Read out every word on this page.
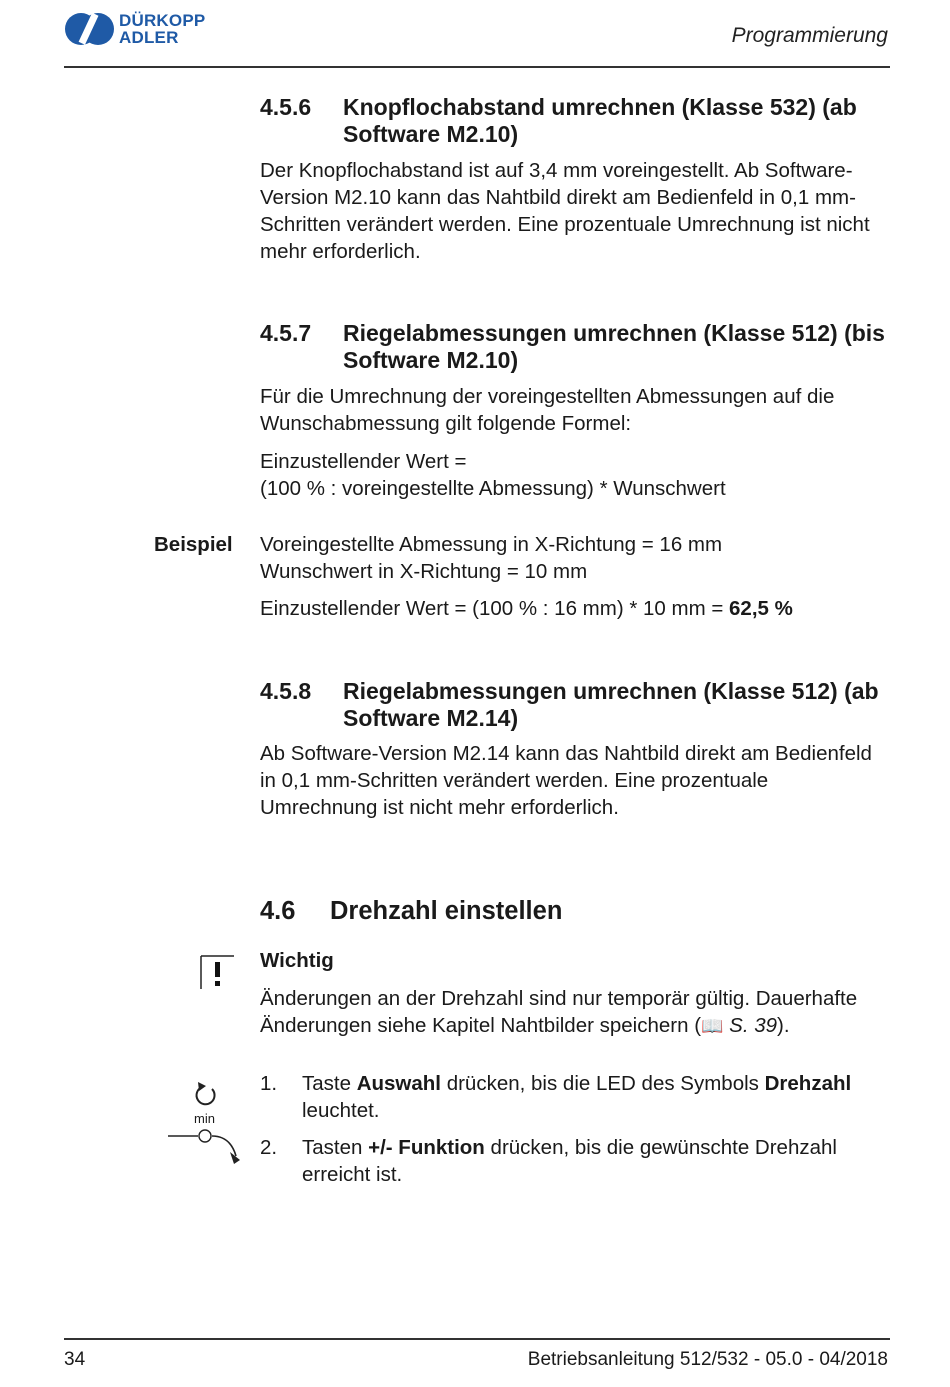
DÜRKOPP
ADLER	Programmierung
4.5.6 Knopflochabstand umrechnen (Klasse 532) (ab Software M2.10)
Der Knopflochabstand ist auf 3,4 mm voreingestellt. Ab Software-Version M2.10 kann das Nahtbild direkt am Bedienfeld in 0,1 mm-Schritten verändert werden. Eine prozentuale Umrechnung ist nicht mehr erforderlich.
4.5.7 Riegelabmessungen umrechnen (Klasse 512) (bis Software M2.10)
Für die Umrechnung der voreingestellten Abmessungen auf die Wunschabmessung gilt folgende Formel:
Einzustellender Wert =
(100 % : voreingestellte Abmessung) * Wunschwert
Beispiel Voreingestellte Abmessung in X-Richtung = 16 mm
Wunschwert in X-Richtung = 10 mm
Einzustellender Wert = (100 % : 16 mm) * 10 mm = 62,5 %
4.5.8 Riegelabmessungen umrechnen (Klasse 512) (ab Software M2.14)
Ab Software-Version M2.14 kann das Nahtbild direkt am Bedienfeld in 0,1 mm-Schritten verändert werden. Eine prozentuale Umrechnung ist nicht mehr erforderlich.
4.6 Drehzahl einstellen
Wichtig
Änderungen an der Drehzahl sind nur temporär gültig. Dauerhafte Änderungen siehe Kapitel Nahtbilder speichern (📖 S. 39).
min
1. Taste Auswahl drücken, bis die LED des Symbols Drehzahl leuchtet.
2. Tasten +/- Funktion drücken, bis die gewünschte Drehzahl erreicht ist.
34	Betriebsanleitung 512/532 - 05.0 - 04/2018
